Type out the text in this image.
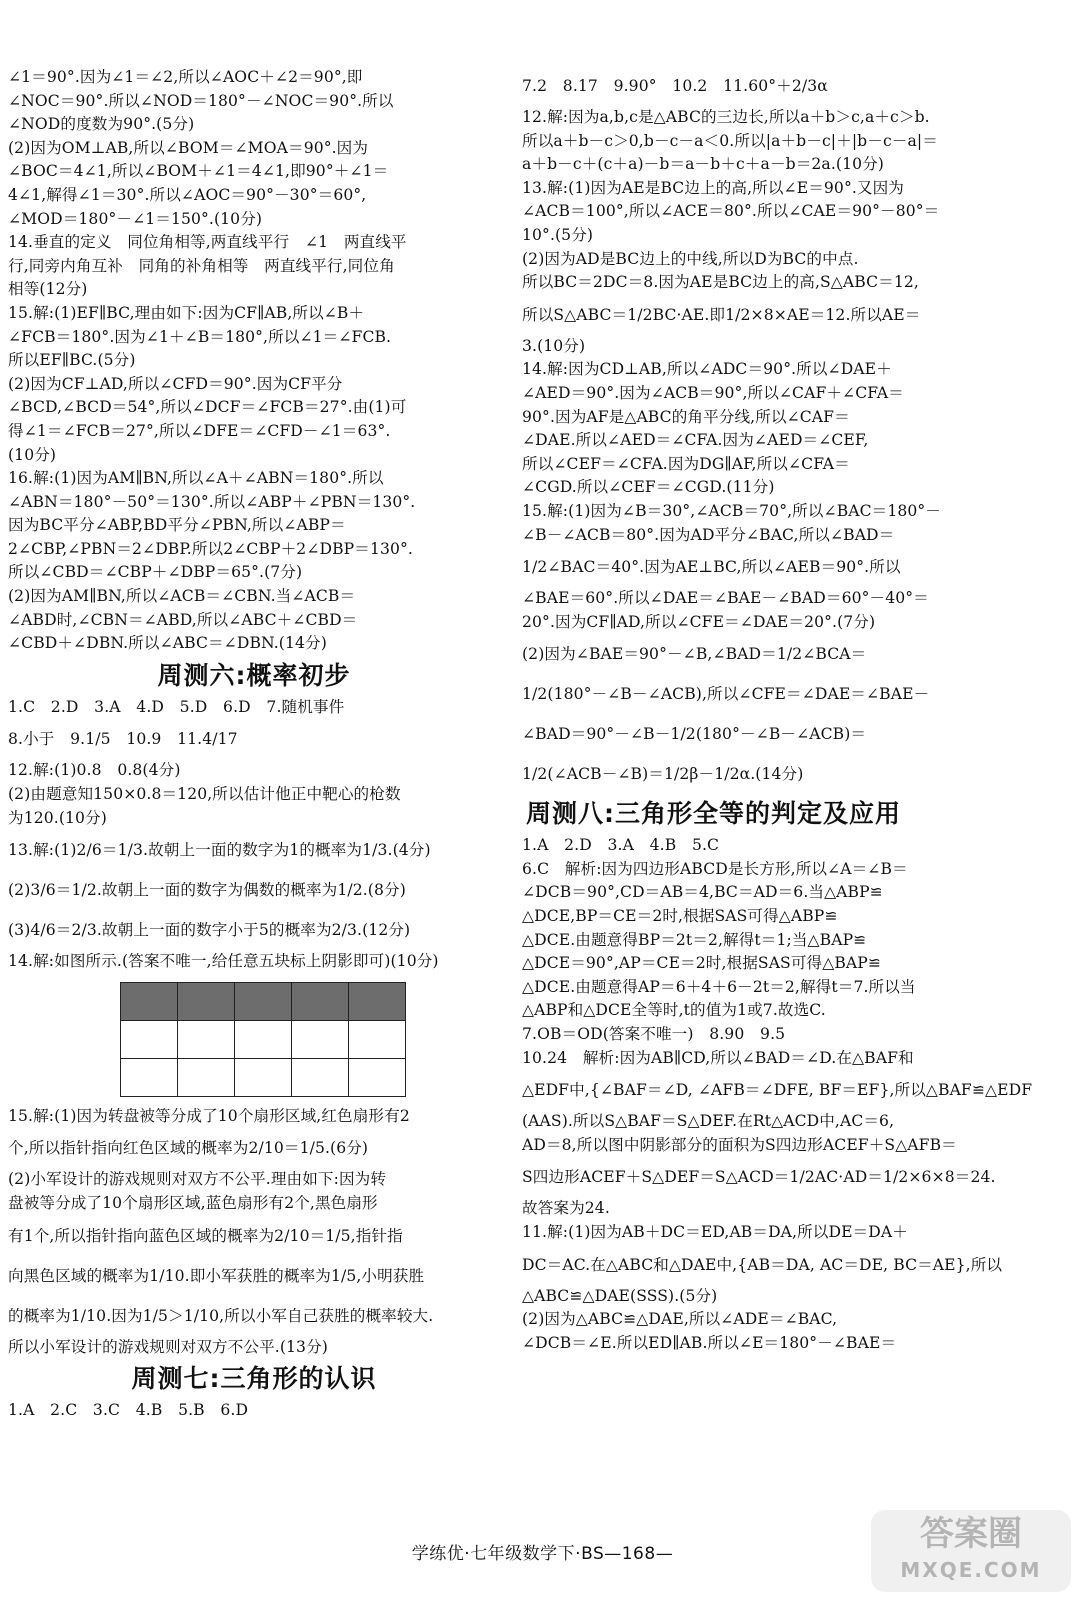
∠1＝90°.因为∠1＝∠2,所以∠AOC＋∠2＝90°,即
∠NOC＝90°.所以∠NOD＝180°－∠NOC＝90°.所以
∠NOD的度数为90°.(5分)
(2)因为OM⊥AB,所以∠BOM＝∠MOA＝90°.因为
∠BOC＝4∠1,所以∠BOM＋∠1＝4∠1,即90°＋∠1＝
4∠1,解得∠1＝30°.所以∠AOC＝90°－30°＝60°,
∠MOD＝180°－∠1＝150°.(10分)
14.垂直的定义　同位角相等,两直线平行　∠1　两直线平
行,同旁内角互补　同角的补角相等　两直线平行,同位角
相等(12分)
15.解:(1)EF∥BC,理由如下:因为CF∥AB,所以∠B＋
∠FCB＝180°.因为∠1＋∠B＝180°,所以∠1＝∠FCB.
所以EF∥BC.(5分)
(2)因为CF⊥AD,所以∠CFD＝90°.因为CF平分
∠BCD,∠BCD＝54°,所以∠DCF＝∠FCB＝27°.由(1)可
得∠1＝∠FCB＝27°,所以∠DFE＝∠CFD－∠1＝63°.
(10分)
16.解:(1)因为AM∥BN,所以∠A＋∠ABN＝180°.所以
∠ABN＝180°－50°＝130°.所以∠ABP＋∠PBN＝130°.
因为BC平分∠ABP,BD平分∠PBN,所以∠ABP＝
2∠CBP,∠PBN＝2∠DBP.所以2∠CBP＋2∠DBP＝130°.
所以∠CBD＝∠CBP＋∠DBP＝65°.(7分)
(2)因为AM∥BN,所以∠ACB＝∠CBN.当∠ACB＝
∠ABD时,∠CBN＝∠ABD,所以∠ABC＋∠CBD＝
∠CBD＋∠DBN.所以∠ABC＝∠DBN.(14分)
周测六:概率初步
1.C　2.D　3.A　4.D　5.D　6.D　7.随机事件
8.小于　9.1/5　10.9　11.4/17
12.解:(1)0.8　0.8(4分)
(2)由题意知150×0.8＝120,所以估计他正中靶心的枪数
为120.(10分)
13.解:(1)2/6＝1/3.故朝上一面的数字为1的概率为1/3.(4分)
(2)3/6＝1/2.故朝上一面的数字为偶数的概率为1/2.(8分)
(3)4/6＝2/3.故朝上一面的数字小于5的概率为2/3.(12分)
14.解:如图所示.(答案不唯一,给任意五块标上阴影即可)(10分)

15.解:(1)因为转盘被等分成了10个扇形区域,红色扇形有2
个,所以指针指向红色区域的概率为2/10＝1/5.(6分)
(2)小军设计的游戏规则对双方不公平.理由如下:因为转
盘被等分成了10个扇形区域,蓝色扇形有2个,黑色扇形
有1个,所以指针指向蓝色区域的概率为2/10＝1/5,指针指
向黑色区域的概率为1/10.即小军获胜的概率为1/5,小明获胜
的概率为1/10.因为1/5＞1/10,所以小军自己获胜的概率较大.
所以小军设计的游戏规则对双方不公平.(13分)
周测七:三角形的认识
1.A　2.C　3.C　4.B　5.B　6.D
7.2　8.17　9.90°　10.2　11.60°＋2/3α
12.解:因为a,b,c是△ABC的三边长,所以a＋b＞c,a＋c＞b.
所以a＋b－c＞0,b－c－a＜0.所以|a＋b－c|＋|b－c－a|＝
a＋b－c＋(c＋a)－b＝a－b＋c＋a－b＝2a.(10分)
13.解:(1)因为AE是BC边上的高,所以∠E＝90°.又因为
∠ACB＝100°,所以∠ACE＝80°.所以∠CAE＝90°－80°＝
10°.(5分)
(2)因为AD是BC边上的中线,所以D为BC的中点.
所以BC＝2DC＝8.因为AE是BC边上的高,S△ABC＝12,
所以S△ABC＝1/2BC·AE.即1/2×8×AE＝12.所以AE＝
3.(10分)
14.解:因为CD⊥AB,所以∠ADC＝90°.所以∠DAE＋
∠AED＝90°.因为∠ACB＝90°,所以∠CAF＋∠CFA＝
90°.因为AF是△ABC的角平分线,所以∠CAF＝
∠DAE.所以∠AED＝∠CFA.因为∠AED＝∠CEF,
所以∠CEF＝∠CFA.因为DG∥AF,所以∠CFA＝
∠CGD.所以∠CEF＝∠CGD.(11分)
15.解:(1)因为∠B＝30°,∠ACB＝70°,所以∠BAC＝180°－
∠B－∠ACB＝80°.因为AD平分∠BAC,所以∠BAD＝
1/2∠BAC＝40°.因为AE⊥BC,所以∠AEB＝90°.所以
∠BAE＝60°.所以∠DAE＝∠BAE－∠BAD＝60°－40°＝
20°.因为CF∥AD,所以∠CFE＝∠DAE＝20°.(7分)
(2)因为∠BAE＝90°－∠B,∠BAD＝1/2∠BCA＝
1/2(180°－∠B－∠ACB),所以∠CFE＝∠DAE＝∠BAE－
∠BAD＝90°－∠B－1/2(180°－∠B－∠ACB)＝
1/2(∠ACB－∠B)＝1/2β－1/2α.(14分)
周测八:三角形全等的判定及应用
1.A　2.D　3.A　4.B　5.C
6.C　解析:因为四边形ABCD是长方形,所以∠A＝∠B＝
∠DCB＝90°,CD＝AB＝4,BC＝AD＝6.当△ABP≌
△DCE,BP＝CE＝2时,根据SAS可得△ABP≌
△DCE.由题意得BP＝2t＝2,解得t＝1;当△BAP≌
△DCE＝90°,AP＝CE＝2时,根据SAS可得△BAP≌
△DCE.由题意得AP＝6＋4＋6－2t＝2,解得t＝7.所以当
△ABP和△DCE全等时,t的值为1或7.故选C.
7.OB＝OD(答案不唯一)　8.90　9.5
10.24　解析:因为AB∥CD,所以∠BAD＝∠D.在△BAF和
△EDF中,{∠BAF＝∠D, ∠AFB＝∠DFE, BF＝EF},所以△BAF≌△EDF
(AAS).所以S△BAF＝S△DEF.在Rt△ACD中,AC＝6,
AD＝8,所以图中阴影部分的面积为S四边形ACEF＋S△AFB＝
S四边形ACEF＋S△DEF＝S△ACD＝1/2AC·AD＝1/2×6×8＝24.
故答案为24.
11.解:(1)因为AB＋DC＝ED,AB＝DA,所以DE＝DA＋
DC＝AC.在△ABC和△DAE中,{AB＝DA, AC＝DE, BC＝AE},所以
△ABC≌△DAE(SSS).(5分)
(2)因为△ABC≌△DAE,所以∠ADE＝∠BAC,
∠DCB＝∠E.所以ED∥AB.所以∠E＝180°－∠BAE＝
学练优·七年级数学下·BS—168—	答案圈
MXQE.COM
